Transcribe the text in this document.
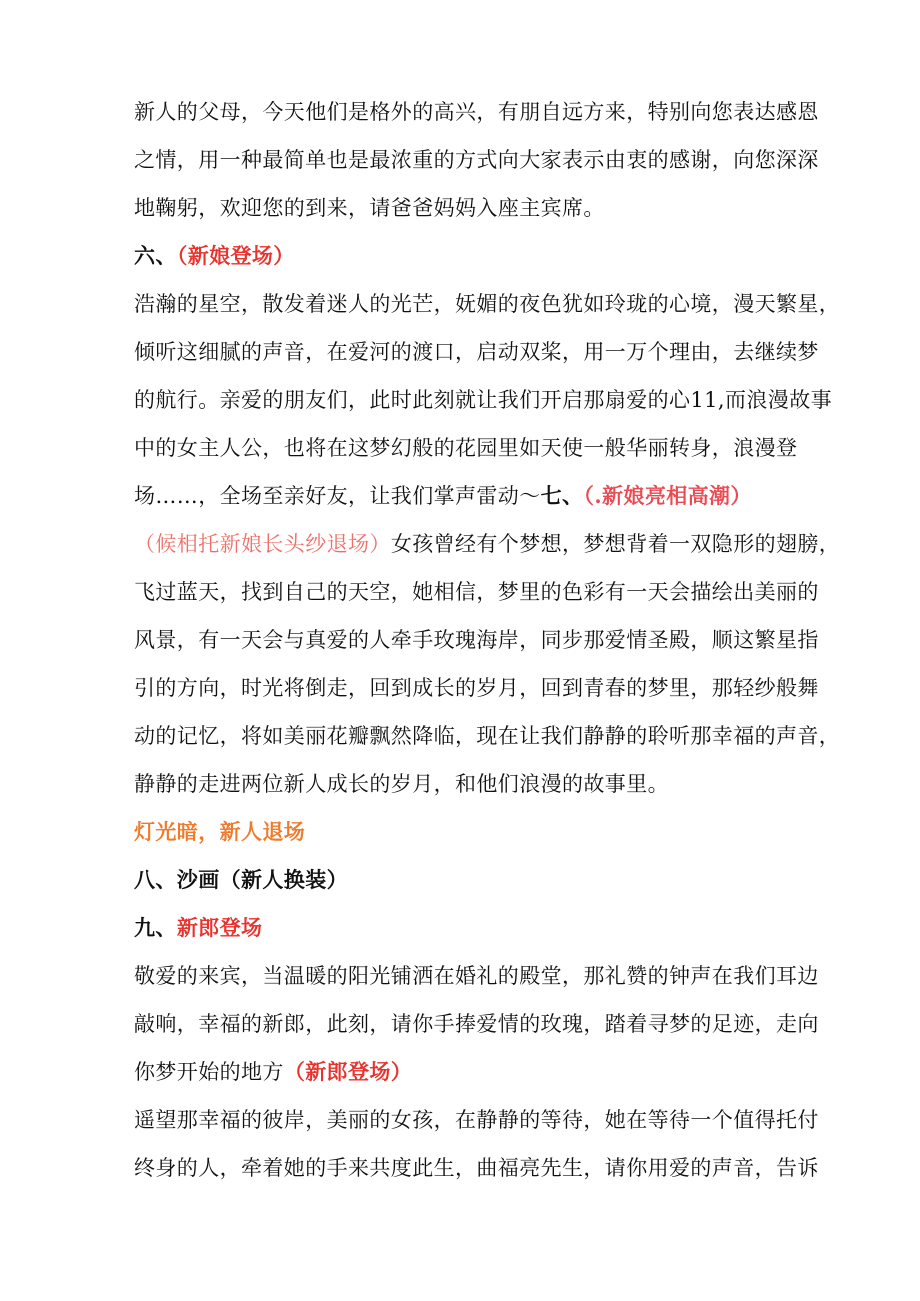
新人的父母，今天他们是格外的高兴，有朋自远方来，特别向您表达感恩
之情，用一种最简单也是最浓重的方式向大家表示由衷的感谢，向您深深
地鞠躬，欢迎您的到来，请爸爸妈妈入座主宾席。
六、（新娘登场）
浩瀚的星空，散发着迷人的光芒，妩媚的夜色犹如玲珑的心境，漫天繁星，
倾听这细腻的声音，在爱河的渡口，启动双桨，用一万个理由，去继续梦
的航行。亲爱的朋友们，此时此刻就让我们开启那扇爱的心11,而浪漫故事
中的女主人公，也将在这梦幻般的花园里如天使一般华丽转身，浪漫登
场……，全场至亲好友，让我们掌声雷动～七、（.新娘亮相高潮）
（候相托新娘长头纱退场）女孩曾经有个梦想，梦想背着一双隐形的翅膀，
飞过蓝天，找到自己的天空，她相信，梦里的色彩有一天会描绘出美丽的
风景，有一天会与真爱的人牵手玫瑰海岸，同步那爱情圣殿，顺这繁星指
引的方向，时光将倒走，回到成长的岁月，回到青春的梦里，那轻纱般舞
动的记忆，将如美丽花瓣飘然降临，现在让我们静静的聆听那幸福的声音，
静静的走进两位新人成长的岁月，和他们浪漫的故事里。
灯光暗，新人退场
八、沙画（新人换装）
九、新郎登场
敬爱的来宾，当温暖的阳光铺洒在婚礼的殿堂，那礼赞的钟声在我们耳边
敲响，幸福的新郎，此刻，请你手捧爱情的玫瑰，踏着寻梦的足迹，走向
你梦开始的地方（新郎登场）
遥望那幸福的彼岸，美丽的女孩，在静静的等待，她在等待一个值得托付
终身的人，牵着她的手来共度此生，曲福亮先生，请你用爱的声音，告诉
